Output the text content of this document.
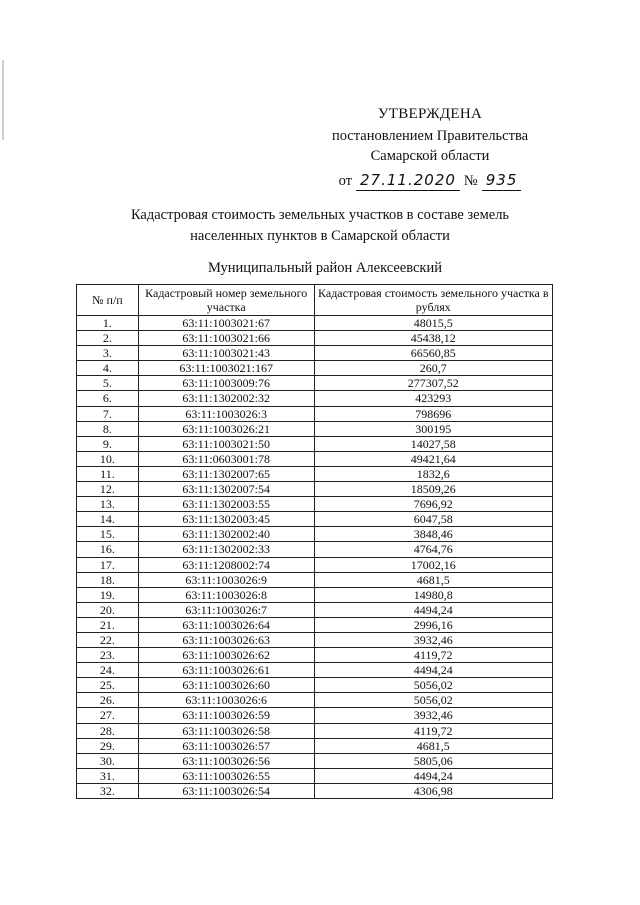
УТВЕРЖДЕНА
постановлением Правительства
Самарской области
от 27.11.2020 № 935
Кадастровая стоимость земельных участков в составе земель
населенных пунктов в Самарской области
Муниципальный район Алексеевский
№ п/п	Кадастровый номер земельного участка	Кадастровая стоимость земельного участка в рублях
1.	63:11:1003021:67	48015,5
2.	63:11:1003021:66	45438,12
3.	63:11:1003021:43	66560,85
4.	63:11:1003021:167	260,7
5.	63:11:1003009:76	277307,52
6.	63:11:1302002:32	423293
7.	63:11:1003026:3	798696
8.	63:11:1003026:21	300195
9.	63:11:1003021:50	14027,58
10.	63:11:0603001:78	49421,64
11.	63:11:1302007:65	1832,6
12.	63:11:1302007:54	18509,26
13.	63:11:1302003:55	7696,92
14.	63:11:1302003:45	6047,58
15.	63:11:1302002:40	3848,46
16.	63:11:1302002:33	4764,76
17.	63:11:1208002:74	17002,16
18.	63:11:1003026:9	4681,5
19.	63:11:1003026:8	14980,8
20.	63:11:1003026:7	4494,24
21.	63:11:1003026:64	2996,16
22.	63:11:1003026:63	3932,46
23.	63:11:1003026:62	4119,72
24.	63:11:1003026:61	4494,24
25.	63:11:1003026:60	5056,02
26.	63:11:1003026:6	5056,02
27.	63:11:1003026:59	3932,46
28.	63:11:1003026:58	4119,72
29.	63:11:1003026:57	4681,5
30.	63:11:1003026:56	5805,06
31.	63:11:1003026:55	4494,24
32.	63:11:1003026:54	4306,98
